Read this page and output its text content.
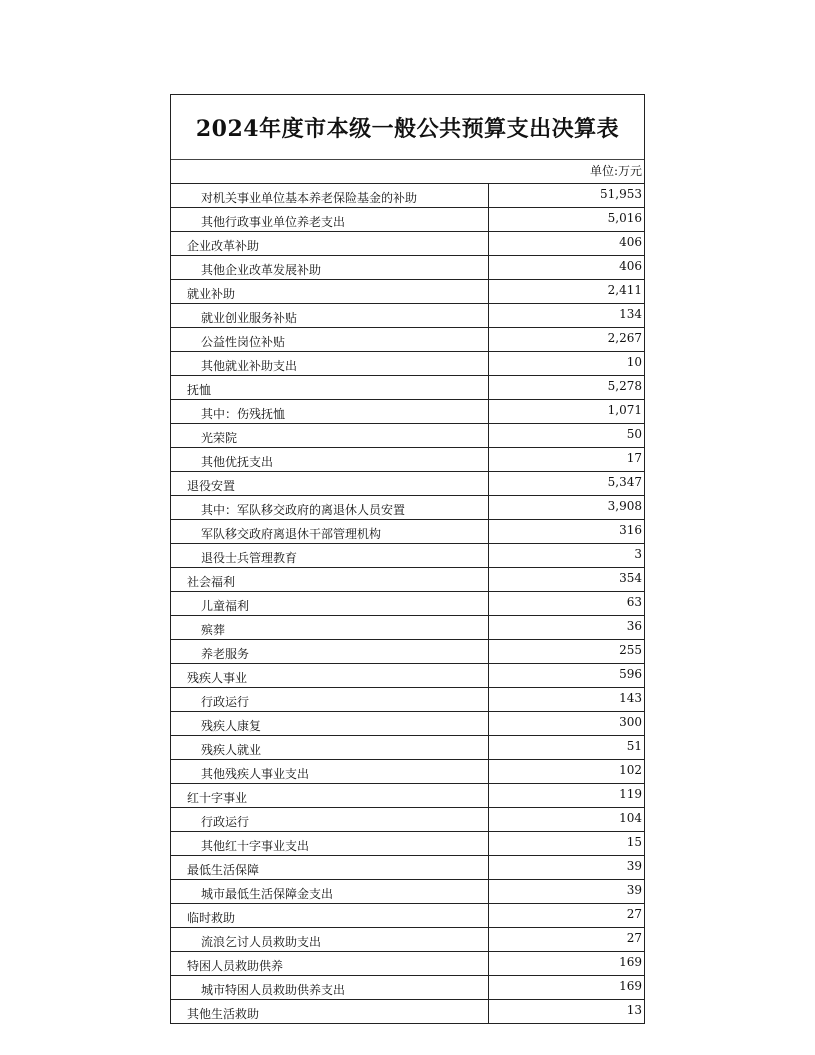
2024年度市本级一般公共预算支出决算表
单位:万元
对机关事业单位基本养老保险基金的补助	51,953
其他行政事业单位养老支出	5,016
企业改革补助	406
其他企业改革发展补助	406
就业补助	2,411
就业创业服务补贴	134
公益性岗位补贴	2,267
其他就业补助支出	10
抚恤	5,278
其中：伤残抚恤	1,071
光荣院	50
其他优抚支出	17
退役安置	5,347
其中：军队移交政府的离退休人员安置	3,908
军队移交政府离退休干部管理机构	316
退役士兵管理教育	3
社会福利	354
儿童福利	63
殡葬	36
养老服务	255
残疾人事业	596
行政运行	143
残疾人康复	300
残疾人就业	51
其他残疾人事业支出	102
红十字事业	119
行政运行	104
其他红十字事业支出	15
最低生活保障	39
城市最低生活保障金支出	39
临时救助	27
流浪乞讨人员救助支出	27
特困人员救助供养	169
城市特困人员救助供养支出	169
其他生活救助	13
